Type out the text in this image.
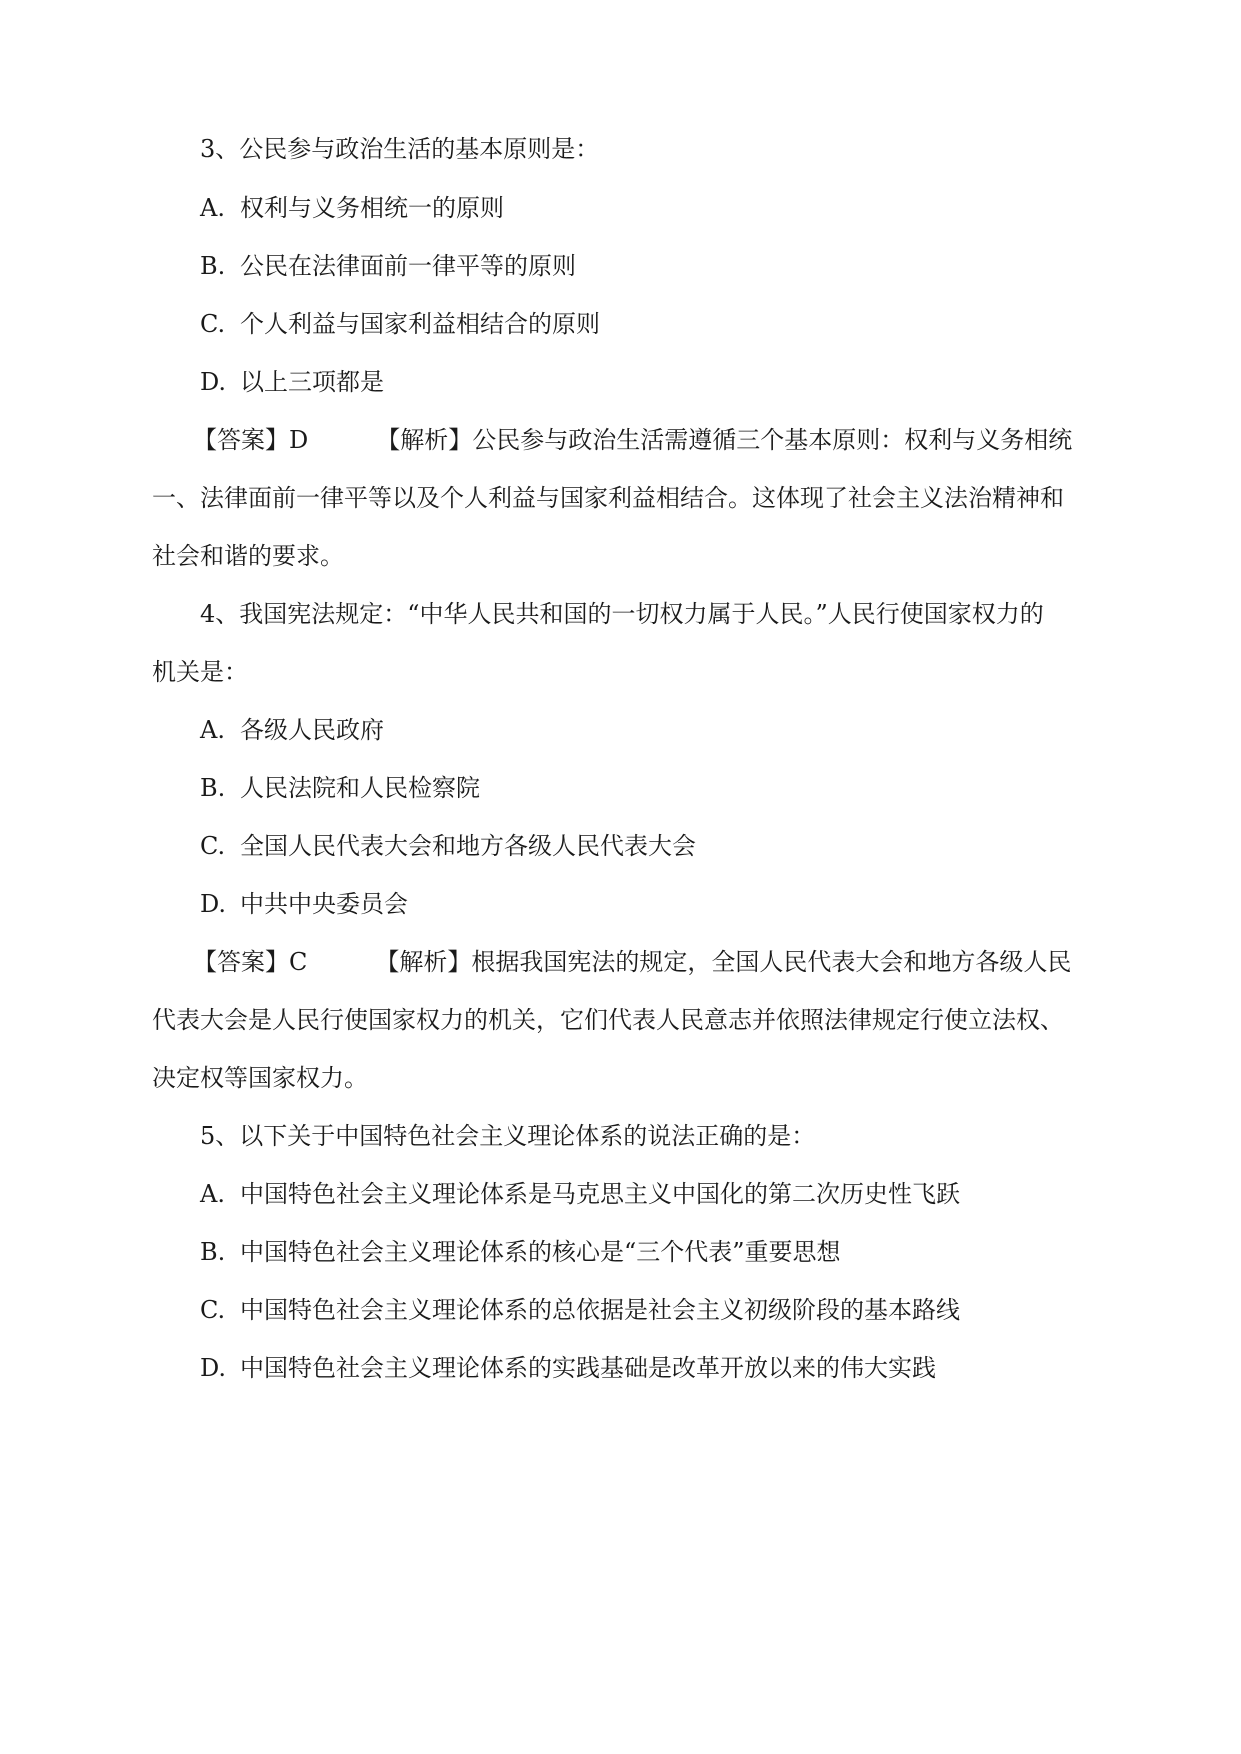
3、公民参与政治生活的基本原则是：
A. 权利与义务相统一的原则
B. 公民在法律面前一律平等的原则
C. 个人利益与国家利益相结合的原则
D. 以上三项都是
【答案】D	【解析】公民参与政治生活需遵循三个基本原则：权利与义务相统
一、法律面前一律平等以及个人利益与国家利益相结合。这体现了社会主义法治精神和
社会和谐的要求。
4、我国宪法规定：“中华人民共和国的一切权力属于人民。”人民行使国家权力的
机关是：
A. 各级人民政府
B. 人民法院和人民检察院
C. 全国人民代表大会和地方各级人民代表大会
D. 中共中央委员会
【答案】C	【解析】根据我国宪法的规定，全国人民代表大会和地方各级人民
代表大会是人民行使国家权力的机关，它们代表人民意志并依照法律规定行使立法权、
决定权等国家权力。
5、以下关于中国特色社会主义理论体系的说法正确的是：
A. 中国特色社会主义理论体系是马克思主义中国化的第二次历史性飞跃
B. 中国特色社会主义理论体系的核心是“三个代表”重要思想
C. 中国特色社会主义理论体系的总依据是社会主义初级阶段的基本路线
D. 中国特色社会主义理论体系的实践基础是改革开放以来的伟大实践
